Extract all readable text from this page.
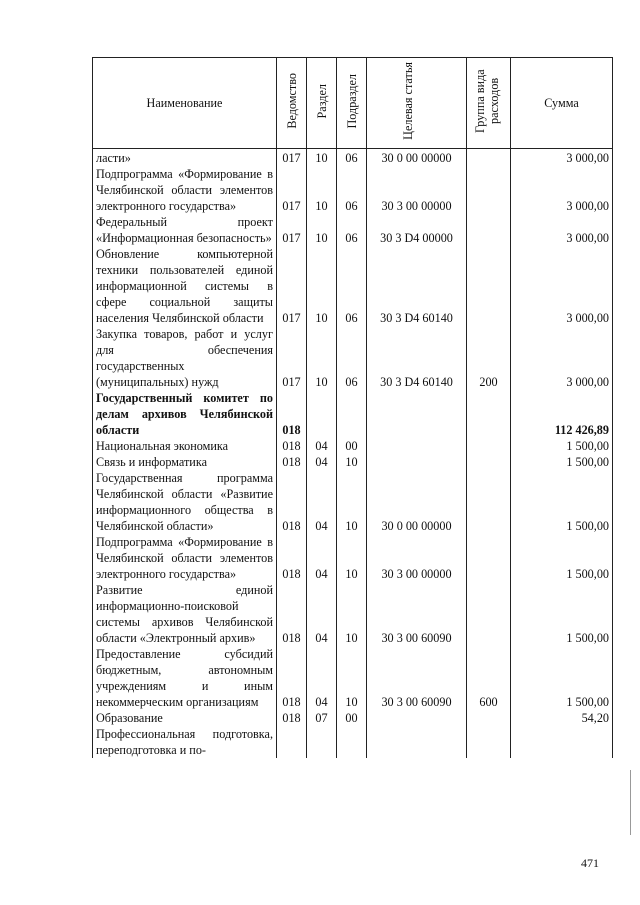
Наименование	Ведомство	Раздел	Подраздел	Целевая статья	Группа вида расходов	Сумма
ласти»	017	10	06	30 0 00 00000		3 000,00
Подпрограмма «Формирование в Челябинской области элементов электронного государства»	017	10	06	30 3 00 00000		3 000,00
Федеральный проект «Информационная безопасность»	017	10	06	30 3 D4 00000		3 000,00
Обновление компьютерной техники пользователей единой информационной системы в сфере социальной защиты населения Челябинской области	017	10	06	30 3 D4 60140		3 000,00
Закупка товаров, работ и услуг для обеспечения государственных (муниципальных) нужд	017	10	06	30 3 D4 60140	200	3 000,00
Государственный комитет по делам архивов Челябинской области	018					112 426,89
Национальная экономика	018	04	00			1 500,00
Связь и информатика	018	04	10			1 500,00
Государственная программа Челябинской области «Развитие информационного общества в Челябинской области»	018	04	10	30 0 00 00000		1 500,00
Подпрограмма «Формирование в Челябинской области элементов электронного государства»	018	04	10	30 3 00 00000		1 500,00
Развитие единой информационно-поисковой системы архивов Челябинской области «Электронный архив»	018	04	10	30 3 00 60090		1 500,00
Предоставление субсидий бюджетным, автономным учреждениям и иным некоммерческим организациям	018	04	10	30 3 00 60090	600	1 500,00
Образование	018	07	00			54,20
Профессиональная подготовка, переподготовка и по-						
471
